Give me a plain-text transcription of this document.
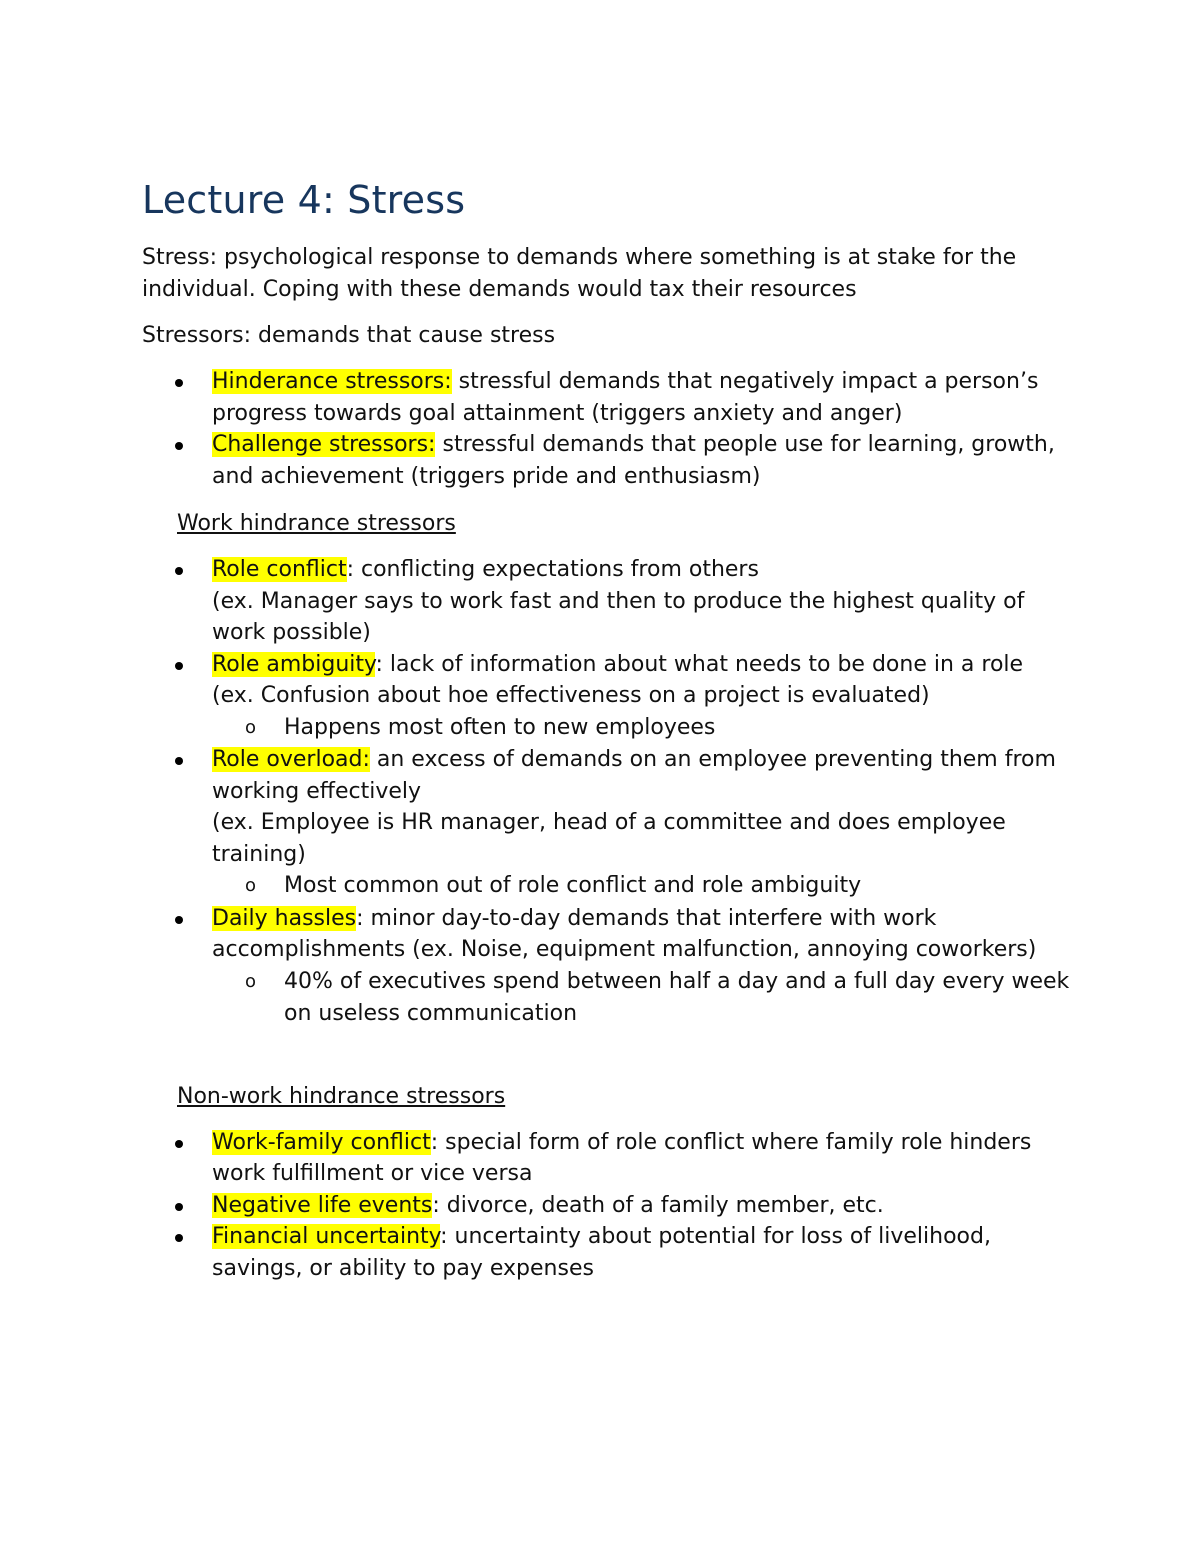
Lecture 4: Stress

Stress: psychological response to demands where something is at stake for the individual. Coping with these demands would tax their resources

Stressors: demands that cause stress

Hinderance stressors: stressful demands that negatively impact a person’s progress towards goal attainment (triggers anxiety and anger)
Challenge stressors: stressful demands that people use for learning, growth, and achievement (triggers pride and enthusiasm)
Work hindrance stressors
Role conflict: conflicting expectations from others
(ex. Manager says to work fast and then to produce the highest quality of work possible)
Role ambiguity: lack of information about what needs to be done in a role
(ex. Confusion about hoe effectiveness on a project is evaluated)
o Happens most often to new employees
Role overload: an excess of demands on an employee preventing them from working effectively
(ex. Employee is HR manager, head of a committee and does employee training)
o Most common out of role conflict and role ambiguity
Daily hassles: minor day-to-day demands that interfere with work accomplishments (ex. Noise, equipment malfunction, annoying coworkers)
o 40% of executives spend between half a day and a full day every week on useless communication
Non-work hindrance stressors
Work-family conflict: special form of role conflict where family role hinders work fulfillment or vice versa
Negative life events: divorce, death of a family member, etc.
Financial uncertainty: uncertainty about potential for loss of livelihood, savings, or ability to pay expenses
